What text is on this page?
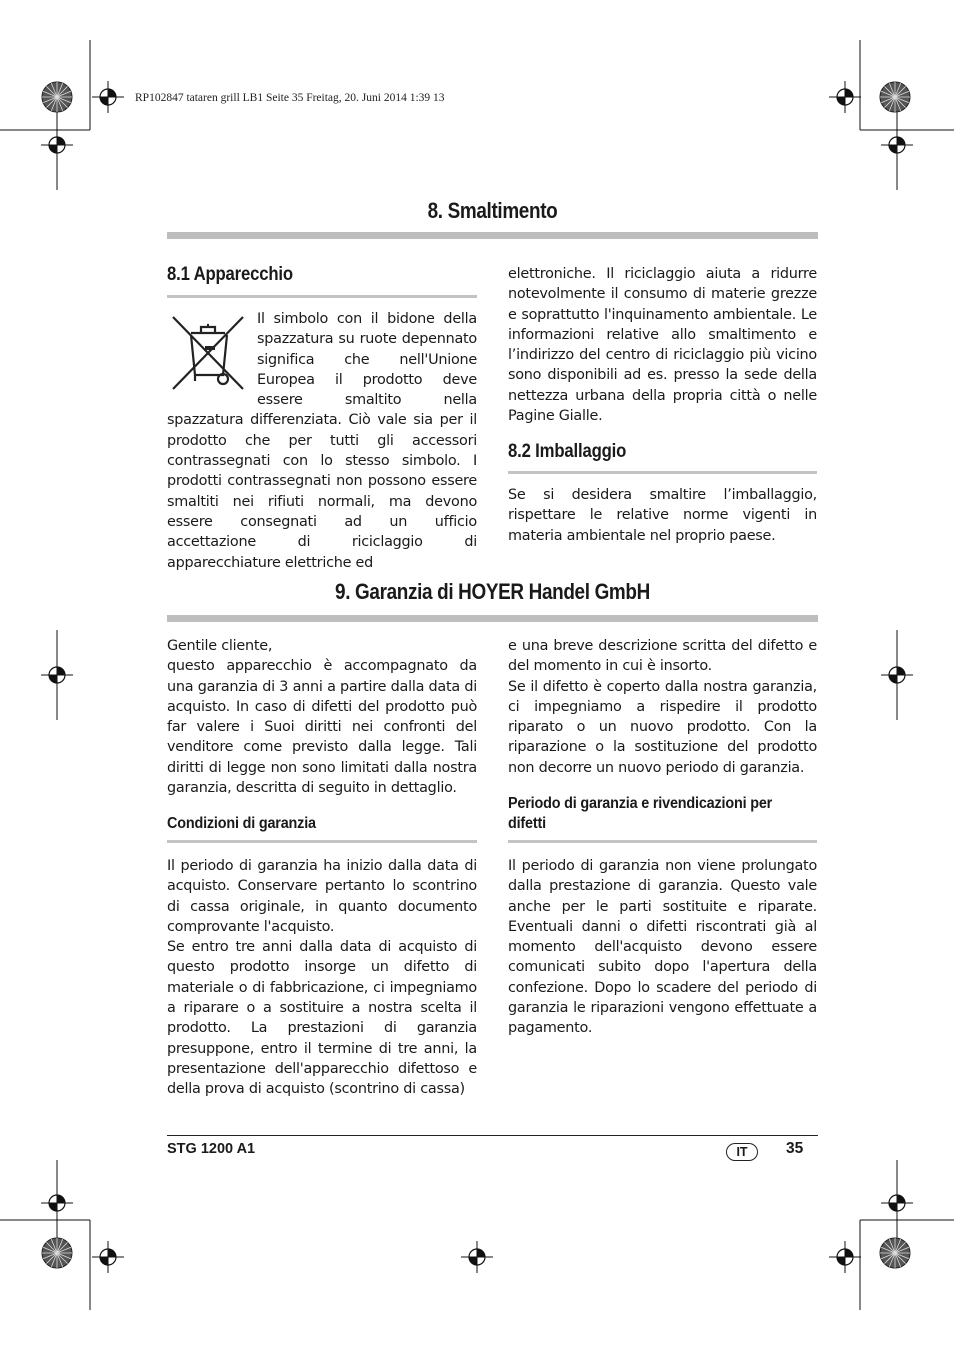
RP102847 tataren grill LB1 Seite 35 Freitag, 20. Juni 2014 1:39 13
8. Smaltimento
8.1 Apparecchio

Il simbolo con il bidone della spazzatura su ruote depennato significa che nell'Unione Europea il prodotto deve essere smaltito nella spazzatura differenziata. Ciò vale sia per il prodotto che per tutti gli accessori contrassegnati con lo stesso simbolo. I prodotti contrassegnati non possono essere smaltiti nei rifiuti normali, ma devono essere consegnati ad un ufficio accettazione di riciclaggio di apparecchiature elettriche ed

elettroniche. Il riciclaggio aiuta a ridurre notevolmente il consumo di materie grezze e soprattutto l'inquinamento ambientale. Le informazioni relative allo smaltimento e l’indirizzo del centro di riciclaggio più vicino sono disponibili ad es. presso la sede della nettezza urbana della propria città o nelle Pagine Gialle.
8.2 Imballaggio
Se si desidera smaltire l’imballaggio, rispettare le relative norme vigenti in materia ambientale nel proprio paese.
9. Garanzia di HOYER Handel GmbH

Gentile cliente,

questo apparecchio è accompagnato da una garanzia di 3 anni a partire dalla data di acquisto. In caso di difetti del prodotto può far valere i Suoi diritti nei confronti del venditore come previsto dalla legge. Tali diritti di legge non sono limitati dalla nostra garanzia, descritta di seguito in dettaglio.

Condizioni di garanzia

Il periodo di garanzia ha inizio dalla data di acquisto. Conservare pertanto lo scontrino di cassa originale, in quanto documento comprovante l'acquisto.

Se entro tre anni dalla data di acquisto di questo prodotto insorge un difetto di materiale o di fabbricazione, ci impegniamo a riparare o a sostituire a nostra scelta il prodotto. La prestazioni di garanzia presuppone, entro il termine di tre anni, la presentazione dell'apparecchio difettoso e della prova di acquisto (scontrino di cassa)

e una breve descrizione scritta del difetto e del momento in cui è insorto.

Se il difetto è coperto dalla nostra garanzia, ci impegniamo a rispedire il prodotto riparato o un nuovo prodotto. Con la riparazione o la sostituzione del prodotto non decorre un nuovo periodo di garanzia.

Periodo di garanzia e rivendicazioni per difetti
Il periodo di garanzia non viene prolungato dalla prestazione di garanzia. Questo vale anche per le parti sostituite e riparate. Eventuali danni o difetti riscontrati già al momento dell'acquisto devono essere comunicati subito dopo l'apertura della confezione. Dopo lo scadere del periodo di garanzia le riparazioni vengono effettuate a pagamento.
STG 1200 A1	IT	35
